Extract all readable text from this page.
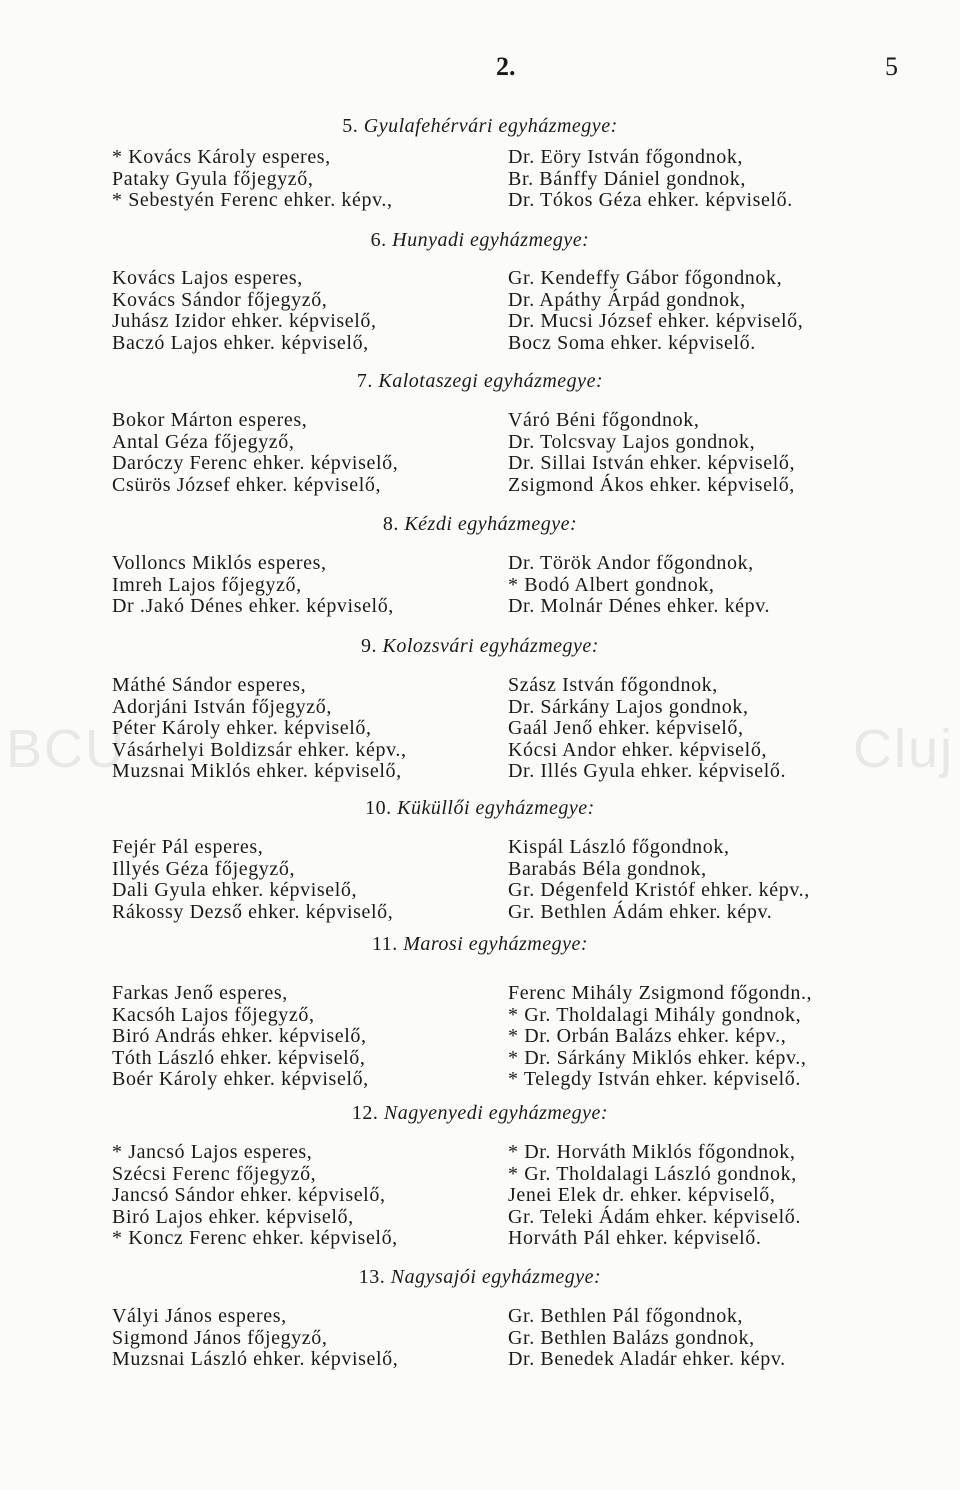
2.	5
BCU	Cluj
5. Gyulafehérvári egyházmegye:
* Kovács Károly esperes,
Pataky Gyula főjegyző,
* Sebestyén Ferenc ehker. képv.,
Dr. Eöry István főgondnok,
Br. Bánffy Dániel gondnok,
Dr. Tókos Géza ehker. képviselő.
6. Hunyadi egyházmegye:
Kovács Lajos esperes,
Kovács Sándor főjegyző,
Juhász Izidor ehker. képviselő,
Baczó Lajos ehker. képviselő,
Gr. Kendeffy Gábor főgondnok,
Dr. Apáthy Árpád gondnok,
Dr. Mucsi József ehker. képviselő,
Bocz Soma ehker. képviselő.
7. Kalotaszegi egyházmegye:
Bokor Márton esperes,
Antal Géza főjegyző,
Daróczy Ferenc ehker. képviselő,
Csürös József ehker. képviselő,
Váró Béni főgondnok,
Dr. Tolcsvay Lajos gondnok,
Dr. Sillai István ehker. képviselő,
Zsigmond Ákos ehker. képviselő,
8. Kézdi egyházmegye:
Volloncs Miklós esperes,
Imreh Lajos főjegyző,
Dr .Jakó Dénes ehker. képviselő,
Dr. Török Andor főgondnok,
* Bodó Albert gondnok,
Dr. Molnár Dénes ehker. képv.
9. Kolozsvári egyházmegye:
Máthé Sándor esperes,
Adorjáni István főjegyző,
Péter Károly ehker. képviselő,
Vásárhelyi Boldizsár ehker. képv.,
Muzsnai Miklós ehker. képviselő,
Szász István főgondnok,
Dr. Sárkány Lajos gondnok,
Gaál Jenő ehker. képviselő,
Kócsi Andor ehker. képviselő,
Dr. Illés Gyula ehker. képviselő.
10. Küküllői egyházmegye:
Fejér Pál esperes,
Illyés Géza főjegyző,
Dali Gyula ehker. képviselő,
Rákossy Dezső ehker. képviselő,
Kispál László főgondnok,
Barabás Béla gondnok,
Gr. Dégenfeld Kristóf ehker. képv.,
Gr. Bethlen Ádám ehker. képv.
11. Marosi egyházmegye:
Farkas Jenő esperes,
Kacsóh Lajos főjegyző,
Biró András ehker. képviselő,
Tóth László ehker. képviselő,
Boér Károly ehker. képviselő,
Ferenc Mihály Zsigmond főgondn.,
* Gr. Tholdalagi Mihály gondnok,
* Dr. Orbán Balázs ehker. képv.,
* Dr. Sárkány Miklós ehker. képv.,
* Telegdy István ehker. képviselő.
12. Nagyenyedi egyházmegye:
* Jancsó Lajos esperes,
Szécsi Ferenc főjegyző,
Jancsó Sándor ehker. képviselő,
Biró Lajos ehker. képviselő,
* Koncz Ferenc ehker. képviselő,
* Dr. Horváth Miklós főgondnok,
* Gr. Tholdalagi László gondnok,
Jenei Elek dr. ehker. képviselő,
Gr. Teleki Ádám ehker. képviselő.
Horváth Pál ehker. képviselő.
13. Nagysajói egyházmegye:
Vályi János esperes,
Sigmond János főjegyző,
Muzsnai László ehker. képviselő,
Gr. Bethlen Pál főgondnok,
Gr. Bethlen Balázs gondnok,
Dr. Benedek Aladár ehker. képv.
